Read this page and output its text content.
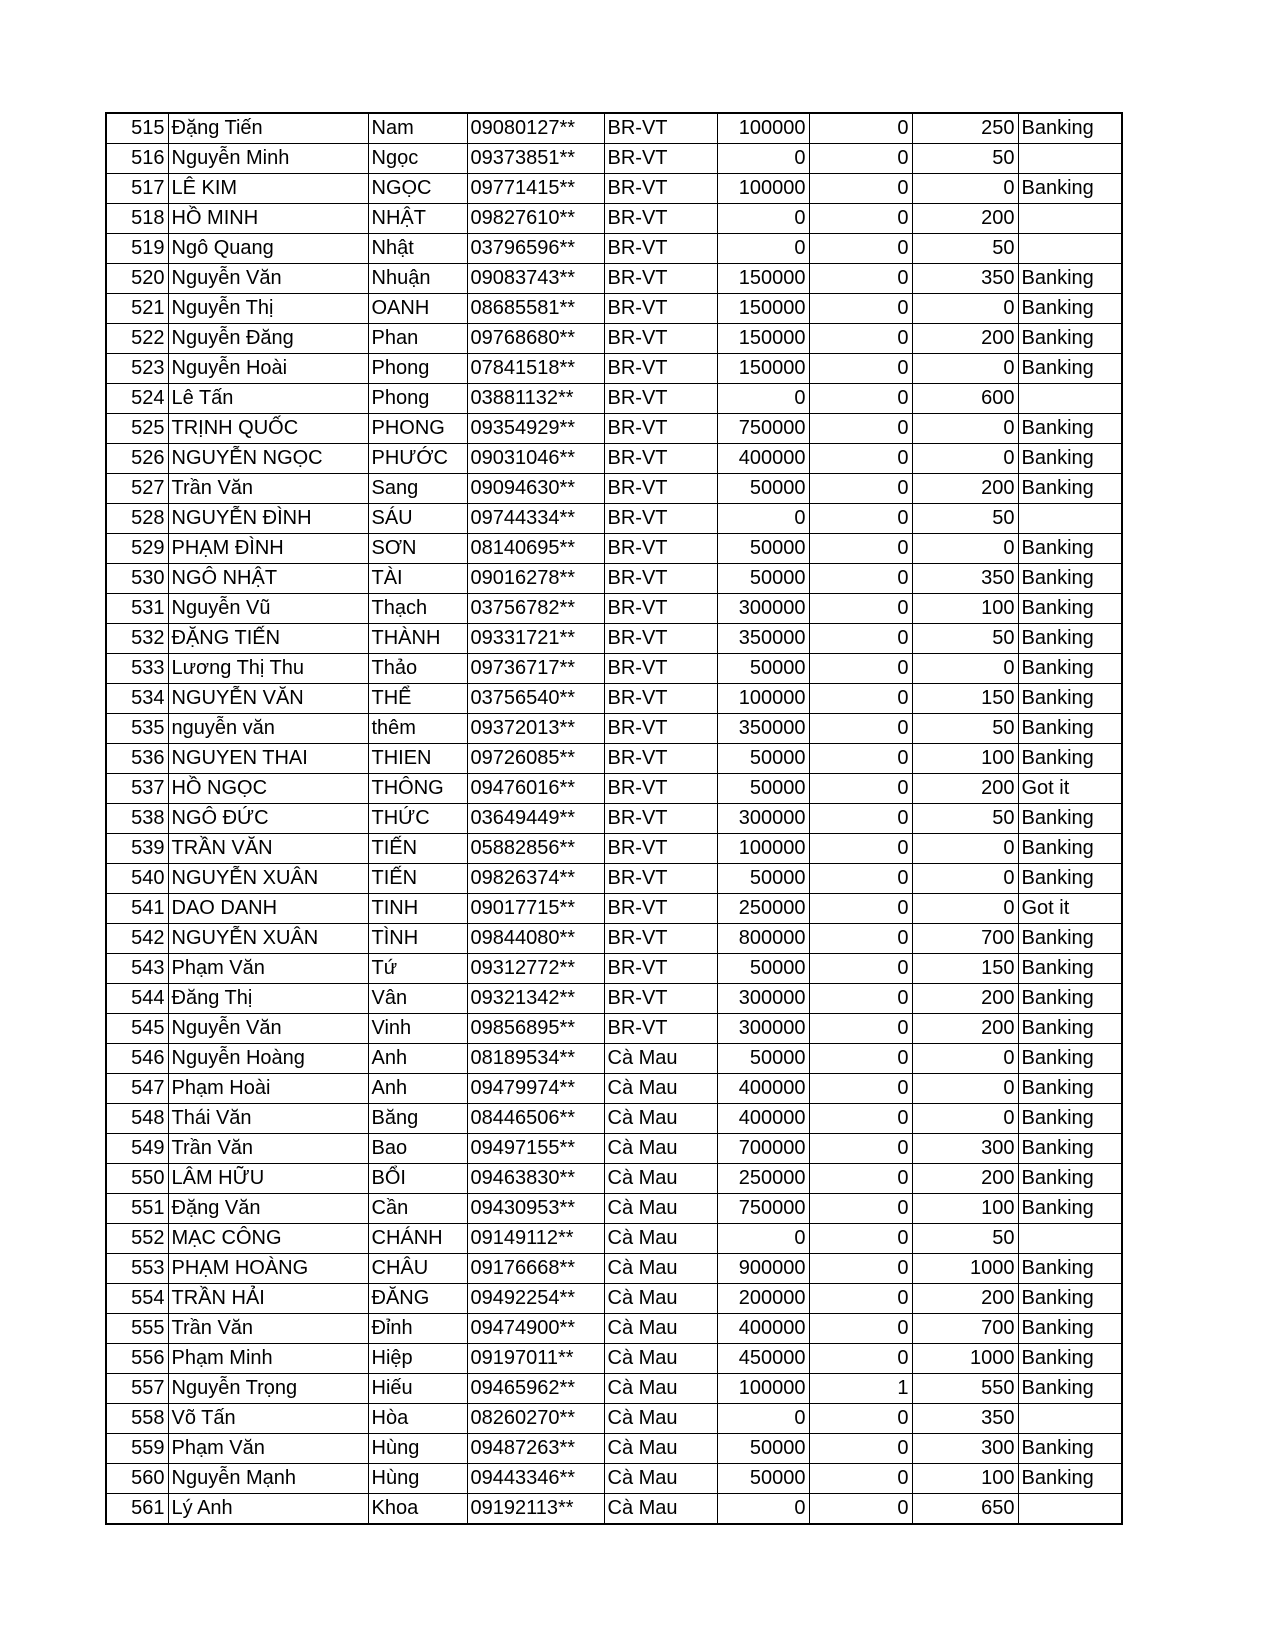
515	Đặng Tiến	Nam	09080127**	BR-VT	100000	0	250	Banking
516	Nguyễn Minh	Ngọc	09373851**	BR-VT	0	0	50	
517	LÊ KIM	NGỌC	09771415**	BR-VT	100000	0	0	Banking
518	HỒ MINH	NHẬT	09827610**	BR-VT	0	0	200	
519	Ngô Quang	Nhật	03796596**	BR-VT	0	0	50	
520	Nguyễn Văn	Nhuận	09083743**	BR-VT	150000	0	350	Banking
521	Nguyễn Thị	OANH	08685581**	BR-VT	150000	0	0	Banking
522	Nguyễn Đăng	Phan	09768680**	BR-VT	150000	0	200	Banking
523	Nguyễn Hoài	Phong	07841518**	BR-VT	150000	0	0	Banking
524	Lê Tấn	Phong	03881132**	BR-VT	0	0	600	
525	TRỊNH QUỐC	PHONG	09354929**	BR-VT	750000	0	0	Banking
526	NGUYỄN NGỌC	PHƯỚC	09031046**	BR-VT	400000	0	0	Banking
527	Trần Văn	Sang	09094630**	BR-VT	50000	0	200	Banking
528	NGUYỄN ĐÌNH	SÁU	09744334**	BR-VT	0	0	50	
529	PHẠM ĐÌNH	SƠN	08140695**	BR-VT	50000	0	0	Banking
530	NGÔ NHẬT	TÀI	09016278**	BR-VT	50000	0	350	Banking
531	Nguyễn Vũ	Thạch	03756782**	BR-VT	300000	0	100	Banking
532	ĐẶNG TIẾN	THÀNH	09331721**	BR-VT	350000	0	50	Banking
533	Lương Thị Thu	Thảo	09736717**	BR-VT	50000	0	0	Banking
534	NGUYỄN VĂN	THỂ	03756540**	BR-VT	100000	0	150	Banking
535	nguyễn văn	thêm	09372013**	BR-VT	350000	0	50	Banking
536	NGUYEN THAI	THIEN	09726085**	BR-VT	50000	0	100	Banking
537	HỒ NGỌC	THÔNG	09476016**	BR-VT	50000	0	200	Got it
538	NGÔ ĐỨC	THỨC	03649449**	BR-VT	300000	0	50	Banking
539	TRẦN VĂN	TIẾN	05882856**	BR-VT	100000	0	0	Banking
540	NGUYỄN XUÂN	TIẾN	09826374**	BR-VT	50000	0	0	Banking
541	DAO DANH	TINH	09017715**	BR-VT	250000	0	0	Got it
542	NGUYỄN XUÂN	TÌNH	09844080**	BR-VT	800000	0	700	Banking
543	Phạm Văn	Tứ	09312772**	BR-VT	50000	0	150	Banking
544	Đăng Thị	Vân	09321342**	BR-VT	300000	0	200	Banking
545	Nguyễn Văn	Vinh	09856895**	BR-VT	300000	0	200	Banking
546	Nguyễn Hoàng	Anh	08189534**	Cà Mau	50000	0	0	Banking
547	Phạm Hoài	Anh	09479974**	Cà Mau	400000	0	0	Banking
548	Thái Văn	Băng	08446506**	Cà Mau	400000	0	0	Banking
549	Trần Văn	Bao	09497155**	Cà Mau	700000	0	300	Banking
550	LÂM HỮU	BỔI	09463830**	Cà Mau	250000	0	200	Banking
551	Đặng Văn	Cần	09430953**	Cà Mau	750000	0	100	Banking
552	MẠC CÔNG	CHÁNH	09149112**	Cà Mau	0	0	50	
553	PHẠM HOÀNG	CHÂU	09176668**	Cà Mau	900000	0	1000	Banking
554	TRẦN HẢI	ĐĂNG	09492254**	Cà Mau	200000	0	200	Banking
555	Trần Văn	Đỉnh	09474900**	Cà Mau	400000	0	700	Banking
556	Phạm Minh	Hiệp	09197011**	Cà Mau	450000	0	1000	Banking
557	Nguyễn Trọng	Hiếu	09465962**	Cà Mau	100000	1	550	Banking
558	Võ Tấn	Hòa	08260270**	Cà Mau	0	0	350	
559	Phạm Văn	Hùng	09487263**	Cà Mau	50000	0	300	Banking
560	Nguyễn Mạnh	Hùng	09443346**	Cà Mau	50000	0	100	Banking
561	Lý Anh	Khoa	09192113**	Cà Mau	0	0	650	
